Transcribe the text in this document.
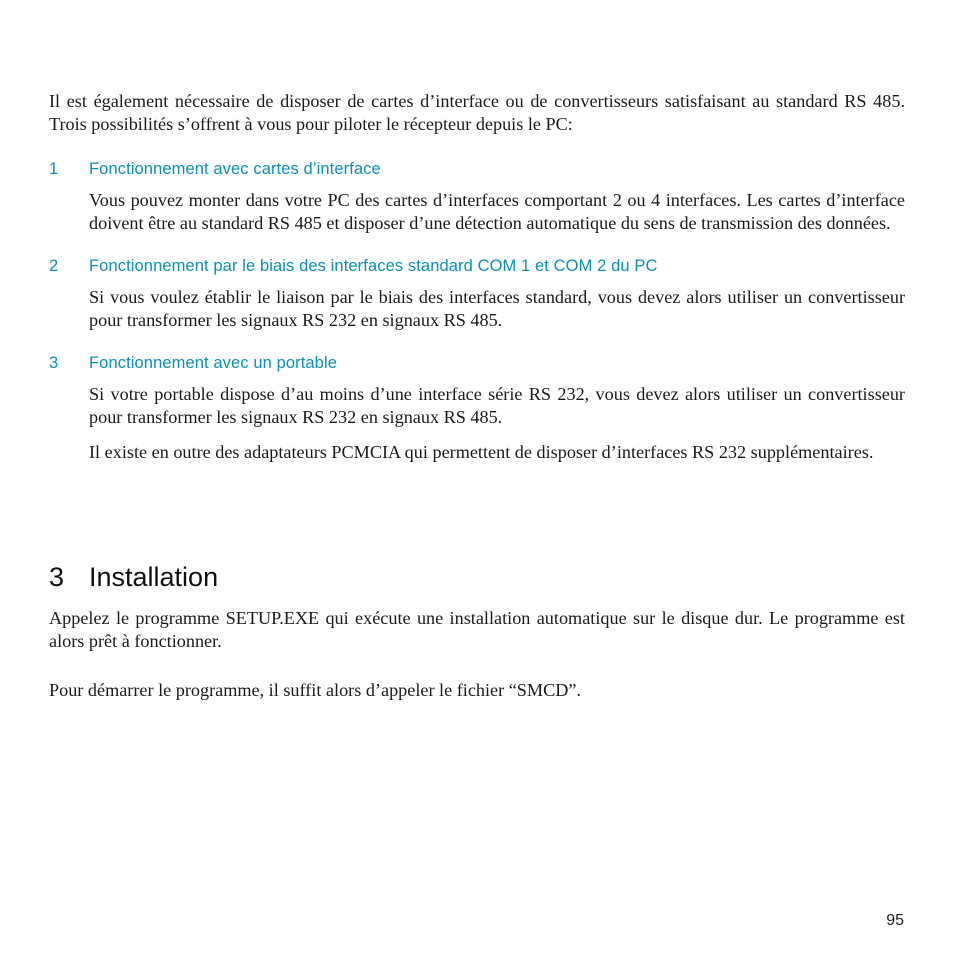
Il est également nécessaire de disposer de cartes d’interface ou de convertisseurs satisfaisant au standard RS 485. Trois possibilités s’offrent à vous pour piloter le récepteur depuis le PC:

1	Fonctionnement avec cartes d’interface

Vous pouvez monter dans votre PC des cartes d’interfaces comportant 2 ou 4 interfaces. Les cartes d’interface doivent être au standard RS 485 et disposer d’une détection automatique du sens de transmission des données.

2	Fonctionnement par le biais des interfaces standard COM 1 et COM 2 du PC

Si vous voulez établir le liaison par le biais des interfaces standard, vous devez alors utiliser un convertisseur pour transformer les signaux RS 232 en signaux RS 485.

3	Fonctionnement avec un portable

Si votre portable dispose d’au moins d’une interface série RS 232, vous devez alors utiliser un convertisseur pour transformer les signaux RS 232 en signaux RS 485.

Il existe en outre des adaptateurs PCMCIA qui permettent de disposer d’interfaces RS 232 supplémentaires.

3 Installation

Appelez le programme SETUP.EXE qui exécute une installation automatique sur le disque dur. Le programme est alors prêt à fonctionner.

Pour démarrer le programme, il suffit alors d’appeler le fichier “SMCD”.

95
